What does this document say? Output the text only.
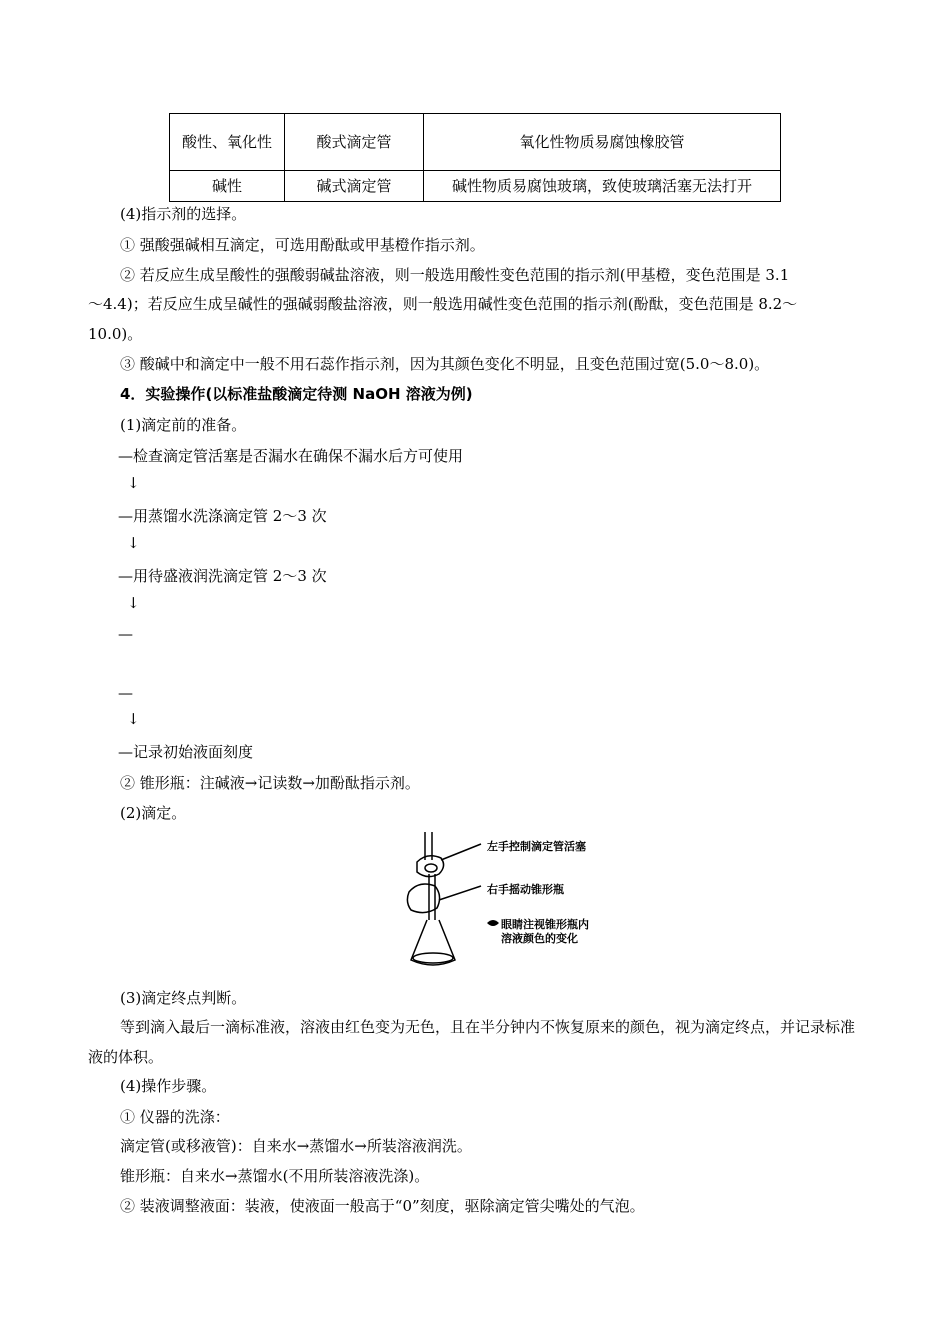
酸性、氧化性	酸式滴定管	氧化性物质易腐蚀橡胶管
碱性	碱式滴定管	碱性物质易腐蚀玻璃，致使玻璃活塞无法打开
(4)指示剂的选择。
① 强酸强碱相互滴定，可选用酚酞或甲基橙作指示剂。
② 若反应生成呈酸性的强酸弱碱盐溶液，则一般选用酸性变色范围的指示剂(甲基橙，变色范围是 3.1
～4.4)；若反应生成呈碱性的强碱弱酸盐溶液，则一般选用碱性变色范围的指示剂(酚酞，变色范围是 8.2～
10.0)。
③ 酸碱中和滴定中一般不用石蕊作指示剂，因为其颜色变化不明显，且变色范围过宽(5.0～8.0)。
4．实验操作(以标准盐酸滴定待测 NaOH 溶液为例)
(1)滴定前的准备。
—检查滴定管活塞是否漏水在确保不漏水后方可使用
↓
—用蒸馏水洗涤滴定管 2～3 次
↓
—用待盛液润洗滴定管 2～3 次
↓
—
—
↓
—记录初始液面刻度
② 锥形瓶：注碱液→记读数→加酚酞指示剂。
(2)滴定。
左手控制滴定管活塞
右手摇动锥形瓶
眼睛注视锥形瓶内
溶液颜色的变化
(3)滴定终点判断。
等到滴入最后一滴标准液，溶液由红色变为无色，且在半分钟内不恢复原来的颜色，视为滴定终点，并记录标准液的体积。
(4)操作步骤。
① 仪器的洗涤：
滴定管(或移液管)：自来水→蒸馏水→所装溶液润洗。
锥形瓶：自来水→蒸馏水(不用所装溶液洗涤)。
② 装液调整液面：装液，使液面一般高于“0”刻度，驱除滴定管尖嘴处的气泡。
